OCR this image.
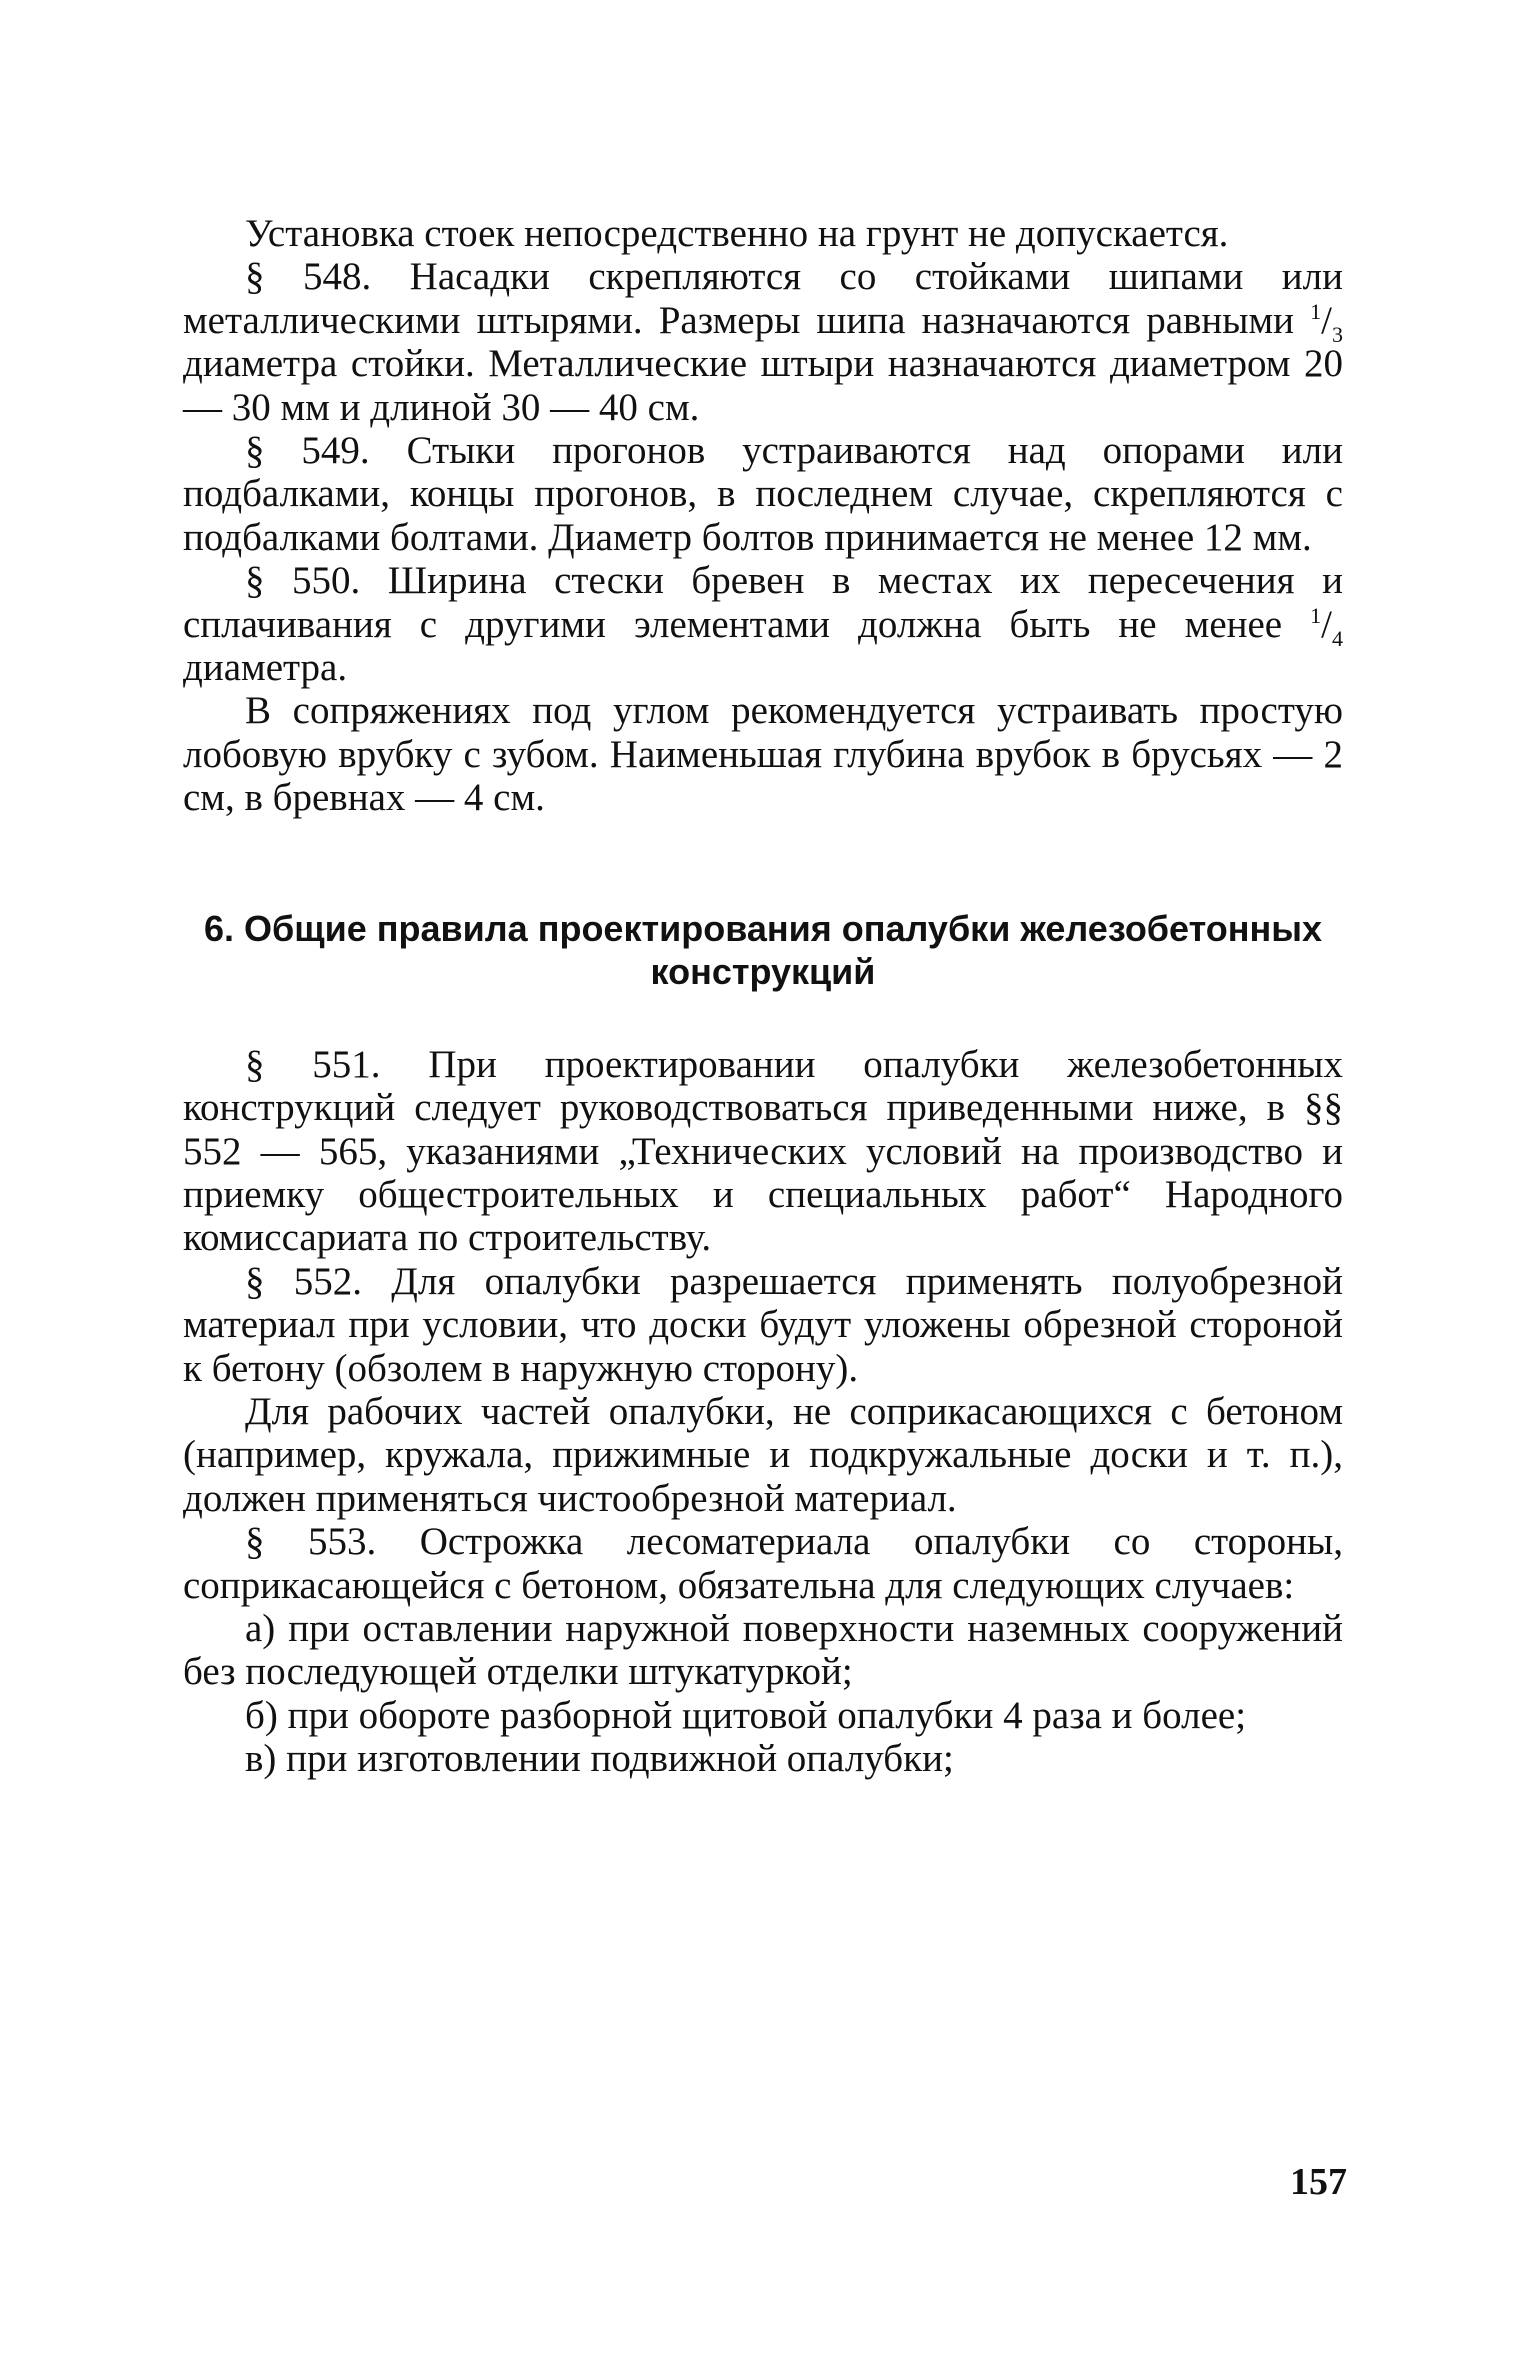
Установка стоек непосредственно на грунт не допускается.

§ 548. Насадки скрепляются со стойками шипами или металлическими штырями. Размеры шипа назначаются равными $^1/_3$ диаметра стойки. Металлические штыри назначаются диаметром 20 — 30 мм и длиной 30 — 40 см.

§ 549. Стыки прогонов устраиваются над опорами или подбалками, концы прогонов, в последнем случае, скрепляются с подбалками болтами. Диаметр болтов принимается не менее 12 мм.

§ 550. Ширина стески бревен в местах их пересечения и сплачивания с другими элементами должна быть не менее $^1/_4$ диаметра.

В сопряжениях под углом рекомендуется устраивать простую лобовую врубку с зубом. Наименьшая глубина врубок в брусьях — 2 см, в бревнах — 4 см.

6. Общие правила проектирования опалубки железобетонных конструкций

§ 551. При проектировании опалубки железобетонных конструкций следует руководствоваться приведенными ниже, в §§ 552 — 565, указаниями „Технических условий на производство и приемку общестроительных и специальных работ“ Народного комиссариата по строительству.

§ 552. Для опалубки разрешается применять полуобрезной материал при условии, что доски будут уложены обрезной стороной к бетону (обзолем в наружную сторону).

Для рабочих частей опалубки, не соприкасающихся с бетоном (например, кружала, прижимные и подкружальные доски и т. п.), должен применяться чистообрезной материал.

§ 553. Острожка лесоматериала опалубки со стороны, соприкасающейся с бетоном, обязательна для следующих случаев:

а) при оставлении наружной поверхности наземных сооружений без последующей отделки штукатуркой;

б) при обороте разборной щитовой опалубки 4 раза и более;

в) при изготовлении подвижной опалубки;

157
